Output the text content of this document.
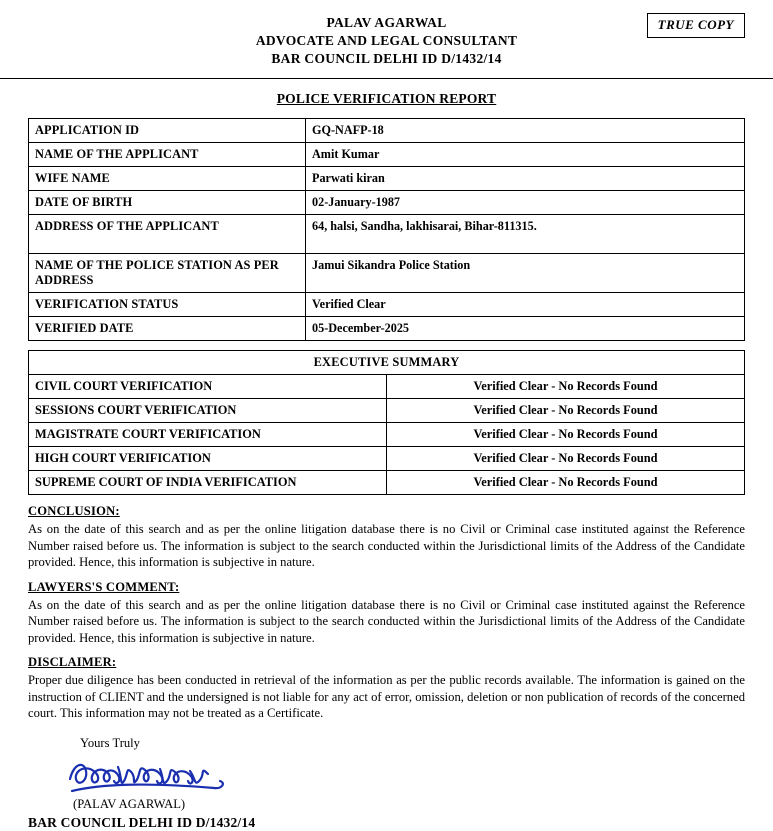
TRUE COPY
PALAV AGARWAL
ADVOCATE AND LEGAL CONSULTANT
BAR COUNCIL DELHI ID D/1432/14
POLICE VERIFICATION REPORT
APPLICATION ID	GQ-NAFP-18
NAME OF THE APPLICANT	Amit Kumar
WIFE NAME	Parwati kiran
DATE OF BIRTH	02-January-1987
ADDRESS OF THE APPLICANT	64, halsi, Sandha, lakhisarai, Bihar-811315.
NAME OF THE POLICE STATION AS PER ADDRESS	Jamui Sikandra Police Station
VERIFICATION STATUS	Verified Clear
VERIFIED DATE	05-December-2025
EXECUTIVE SUMMARY	
CIVIL COURT VERIFICATION	Verified Clear - No Records Found
SESSIONS COURT VERIFICATION	Verified Clear - No Records Found
MAGISTRATE COURT VERIFICATION	Verified Clear - No Records Found
HIGH COURT VERIFICATION	Verified Clear - No Records Found
SUPREME COURT OF INDIA VERIFICATION	Verified Clear - No Records Found
CONCLUSION:
As on the date of this search and as per the online litigation database there is no Civil or Criminal case instituted against the Reference Number raised before us. The information is subject to the search conducted within the Jurisdictional limits of the Address of the Candidate provided. Hence, this information is subjective in nature.
LAWYERS'S COMMENT:
As on the date of this search and as per the online litigation database there is no Civil or Criminal case instituted against the Reference Number raised before us. The information is subject to the search conducted within the Jurisdictional limits of the Address of the Candidate provided. Hence, this information is subjective in nature.
DISCLAIMER:
Proper due diligence has been conducted in retrieval of the information as per the public records available. The information is gained on the instruction of CLIENT and the undersigned is not liable for any act of error, omission, deletion or non publication of records of the concerned court. This information may not be treated as a Certificate.
Yours Truly
(PALAV AGARWAL)
BAR COUNCIL DELHI ID D/1432/14
